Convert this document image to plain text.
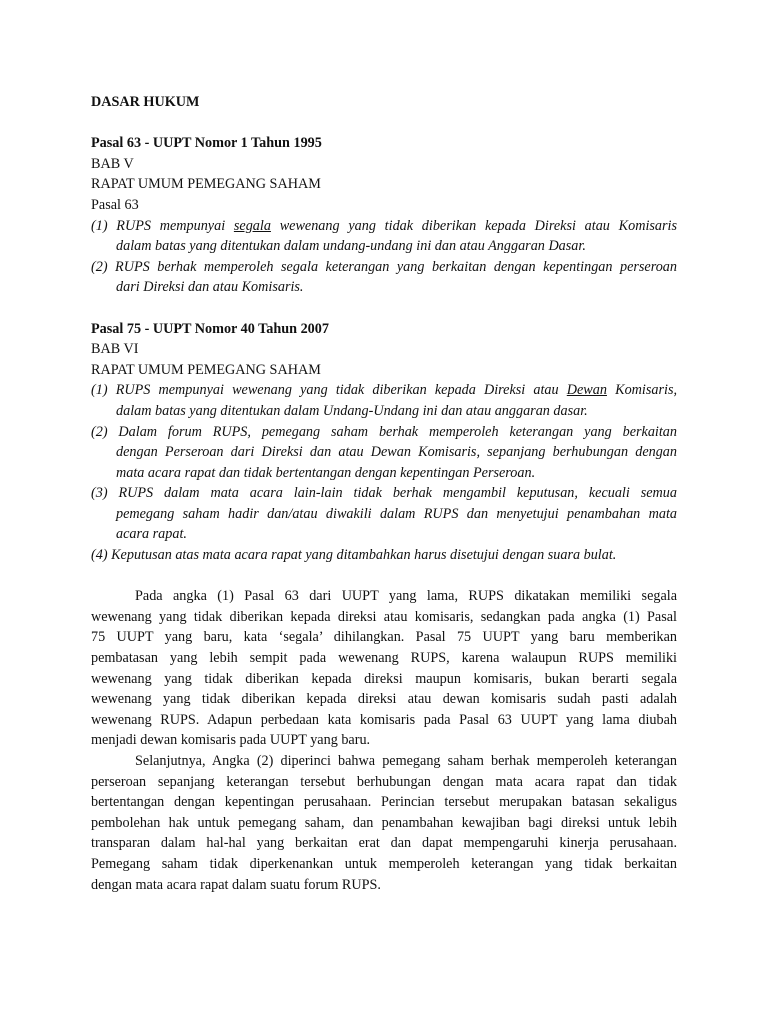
DASAR HUKUM
Pasal 63 - UUPT Nomor 1 Tahun 1995
BAB V
RAPAT UMUM PEMEGANG SAHAM
Pasal 63
(1) RUPS mempunyai segala wewenang yang tidak diberikan kepada Direksi atau Komisaris
dalam batas yang ditentukan dalam undang-undang ini dan atau Anggaran Dasar.
(2) RUPS berhak memperoleh segala keterangan yang berkaitan dengan kepentingan perseroan
dari Direksi dan atau Komisaris.
Pasal 75 - UUPT Nomor 40 Tahun 2007
BAB VI
RAPAT UMUM PEMEGANG SAHAM
(1) RUPS mempunyai wewenang yang tidak diberikan kepada Direksi atau Dewan Komisaris,
dalam batas yang ditentukan dalam Undang-Undang ini dan atau anggaran dasar.
(2) Dalam forum RUPS, pemegang saham berhak memperoleh keterangan yang berkaitan
dengan Perseroan dari Direksi dan atau Dewan Komisaris, sepanjang berhubungan dengan
mata acara rapat dan tidak bertentangan dengan kepentingan Perseroan.
(3) RUPS dalam mata acara lain-lain tidak berhak mengambil keputusan, kecuali semua
pemegang saham hadir dan/atau diwakili dalam RUPS dan menyetujui penambahan mata
acara rapat.
(4) Keputusan atas mata acara rapat yang ditambahkan harus disetujui dengan suara bulat.
Pada angka (1) Pasal 63 dari UUPT yang lama, RUPS dikatakan memiliki segala
wewenang yang tidak diberikan kepada direksi atau komisaris, sedangkan pada angka (1) Pasal
75 UUPT yang baru, kata ‘segala’ dihilangkan. Pasal 75 UUPT yang baru memberikan
pembatasan yang lebih sempit pada wewenang RUPS, karena walaupun RUPS memiliki
wewenang yang tidak diberikan kepada direksi maupun komisaris, bukan berarti segala
wewenang yang tidak diberikan kepada direksi atau dewan komisaris sudah pasti adalah
wewenang RUPS. Adapun perbedaan kata komisaris pada Pasal 63 UUPT yang lama diubah
menjadi dewan komisaris pada UUPT yang baru.
Selanjutnya, Angka (2) diperinci bahwa pemegang saham berhak memperoleh keterangan
perseroan sepanjang keterangan tersebut berhubungan dengan mata acara rapat dan tidak
bertentangan dengan kepentingan perusahaan. Perincian tersebut merupakan batasan sekaligus
pembolehan hak untuk pemegang saham, dan penambahan kewajiban bagi direksi untuk lebih
transparan dalam hal-hal yang berkaitan erat dan dapat mempengaruhi kinerja perusahaan.
Pemegang saham tidak diperkenankan untuk memperoleh keterangan yang tidak berkaitan
dengan mata acara rapat dalam suatu forum RUPS.
